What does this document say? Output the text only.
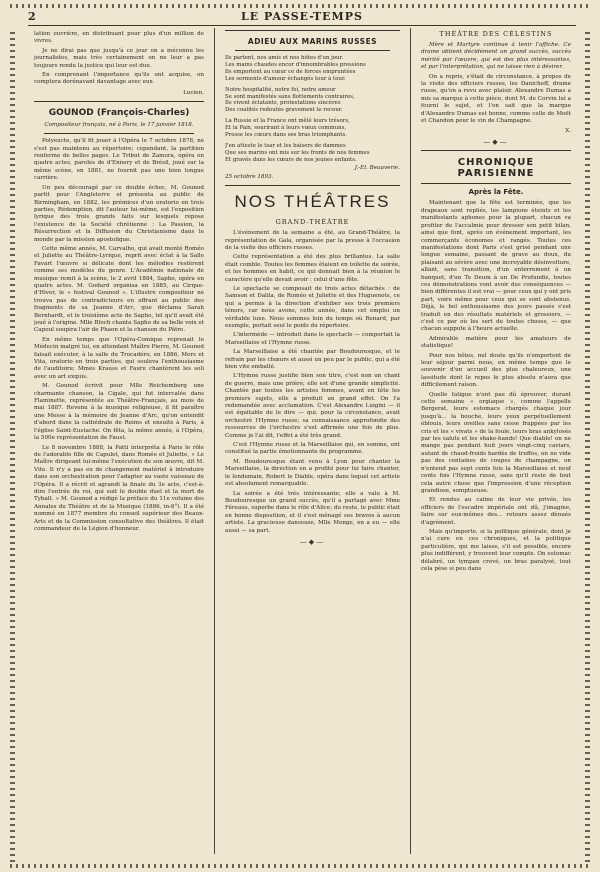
2	LE PASSE-TEMPS

lation ouvrière, en distribuant pour plus d'un million de vivres.

Je ne dirai pas que jusqu'à ce jour on a méconnu les journalistes, mais très certainement on ne leur a pas toujours rendu la justice qui leur est due.

En comprenant l'importance qu'ils ont acquise, on comptera dorénavant davantage avec eux.

Lucien.
GOUNOD (François-Charles)

Compositeur français, né à Paris, le 17 janvier 1818.

Polyeucte, qu'il fit jouer à l'Opéra le 7 octobre 1878, ne s'est pas maintenu au répertoire; cependant, la partition renferme de belles pages. Le Tribut de Zamora, opéra en quatre actes, paroles de d'Ennery et de Brésil, joué sur la même scène, en 1881, ne fournit pas une bien longue carrière.

Un peu découragé par ce double échec, M. Gounod partit pour l'Angleterre et présenta au public de Birmingham, en 1882, les prémices d'un oratorio en trois parties, Rédemption, dit l'auteur lui-même, est l'exposition lyrique des trois grands faits sur lesquels repose l'existence de la Société chrétienne : La Passion, la Résurrection et la Diffusion du Christianisme dans le monde par la mission apostolique.

Cette même année, M. Carvalho, qui avait monté Roméo et Juliette au Théâtre-Lyrique, reprit avec éclat à la Salle Favart l'œuvre si délicate dont les mélodies restèrent comme ses modèles du genre. L'Académie nationale de musique remit à la scène, le 2 avril 1884, Sapho, opéra en quatre actes. M. Godard organisa en 1885, au Cirque-d'Hiver, le « festival Gounod ». L'illustre compositeur ne trouva pas de contradicteurs en offrant au public des fragments de sa Jeanne d'Arc, que déclama Sarah Bernhardt, et le troisième acte de Sapho, tel qu'il avait été joué à l'origine. Mlle Bloch chanta Sapho de sa belle voix et Capoul soupira l'air de Phaon et la chanson du Pâtre.

En même temps que l'Opéra-Comique reprenait le Médecin malgré lui, en attendant Maître Pierre, M. Gounod faisait exécuter, à la salle du Trocadéro, en 1886, Mors et Vita, oratorio en trois parties, qui souleva l'enthousiasme de l'auditoire; Mmes Krauss et Faure chantèrent les soli avec un art exquis.

M. Gounod écrivit pour Mlle Reichemberg une charmante chanson, la Cigale, qui fut intercalée dans Flaminette, représentée au Théâtre-Français, au mois de mai 1887. Revenu à la musique religieuse, il fit paraître une Messe à la mémoire de Jeanne d'Arc, qu'on entendit d'abord dans la cathédrale de Reims et ensuite à Paris, à l'église Saint-Eustache. On fêta, la même année, à l'Opéra, la 500e représentation de Faust.

Le 8 novembre 1888, la Patti interpréta à Paris le rôle de l'adorable fille de Capulet, dans Roméo et Juliette, « Le Maître dirigeant lui-même l'exécution de son œuvre, dit M. Vite. Il n'y a pas eu de changement matériel à introduire dans son orchestration pour l'adapter au vaste vaisseau de l'Opéra. Il a récrit et agrandi la finale du 3e acte, c'est-à-dire l'entrée du roi, qui suit le double duel et la mort de Tybalt. » M. Gounod a rédigé la préface du 11e volume des Annales du Théâtre et de la Musique (1886, in-8°). Il a été nommé en 1877 membre du conseil supérieur des Beaux-Arts et de la Commission consultative des théâtres. Il était commandeur de la Légion d'honneur.

ADIEU AUX MARINS RUSSES

Ils partent, nos amis et nos hôtes d'un jour.

Les mains chaudes encor d'innombrables pressions

Ils emportent au cœur ce de forces empruntées

Les serments d'amour échangés tour à tour.

Notre hospitalité, notre foi, notre amour

Se sont manifestés sans flottements contraires,

Ils vivent éclatants, protestations sincères

Des coalités redoutés gravement le recour.

La Russie et la France ont mêlé leurs trésors,

Et la Paix, sourirant à leurs vœux communs,

Presse les cœurs dans ses bras triomphants.

J'en atteste le tsar et les baisers de dammes

Que ses marins ont mis sur les fronts de nos femmes

Et gravés dans les cœurs de nos jeunes enfants.

J.-El. Beauverie.

25 octobre 1893.

NOS THÉÂTRES
GRAND-THÉÂTRE

L'événement de la semaine a été, au Grand-Théâtre, la représentation de Gala, organisée par la presse à l'occasion de la visite des officiers russes.

Cette représentation a été des plus brillantes. La salle était comble. Toutes les femmes étaient en toilette de soirée, et les hommes en habit, ce qui donnait bien à la réunion le caractère qu'elle devait avoir : celui d'une fête.

Le spectacle se composait de trois actes détachés : de Samson et Dalila, de Roméo et Juliette et des Huguenots, ce qui a permis à la direction d'exhiber ses trois premiers ténors, car nous avons, cette année, dans cet emploi un véritable luxe. Nous sommes loin du temps où Renard, par exemple, portait seul le poids du répertoire.

L'intermède — introduit dans le spectacle — comportait la Marseillaise et l'Hymne russe.

La Marseillaise a été chantée par Boudouresque, et le refrain par les chœurs et aussi un peu par le public, qui a été bien vite emballé.

L'Hymne russe justifie bien son titre, c'est non un chant de guerre, mais une prière; elle est d'une grande simplicité. Chantée par toutes les artistes femmes, avant en tête les premiers sujets, elle a produit un grand effet. On l'a redemandée avec acclamation. C'est Alexandre Luigini — il est équitable de le dire — qui, pour la circonstance, avait orchestré l'Hymne russe; sa connaissance approfondie des ressources de l'orchestre s'est affirmée une fois de plus. Comme je l'ai dit, l'effet a été très grand.

C'est l'Hymne russe et la Marseillaise qui, en somme, ont constitué la partie émotionnante du programme.

M. Boudouresque étant venu à Lyon pour chanter la Marseillaise, la direction en a profité pour lui faire chanter, le lendemain, Robert le Diable, opéra dans lequel cet artiste est absolument remarquable.

La soirée a été très intéressante; elle a valu à M. Boudouresque un grand succès, qu'il a partagé avec Mme Féreaus, superbe dans le rôle d'Alice; du reste, le public était en bonne disposition, et il s'est ménagé ses bravos à aucun artiste. La gracieuse danseuse, Mlle Monge, en a eu — elle aussi — sa part.

—◆—
THÉÂTRE DES CÉLESTINS

Mère et Martyre continue à tenir l'affiche. Ce drame obtient décidément un grand succès, succès mérité par l'œuvre, qui est des plus intéressantes, et par l'interprétation, qui ne laisse rien à désirer.

On a repris, s'était de circonstance, à propos de la visite des officiers russes, les Danicheff, drame russe, qu'on a revu avec plaisir. Alexandre Dumas a mis sa marque à cette pièce, dont M. de Corvin lui a fourni le sujet, et l'on sait que la marque d'Alexandre Dumas est bonne, comme celle de Moët et Chandon pour le vin de Champagne.

X.
—◆—
CHRONIQUE PARISIENNE
Après la Fête.

Maintenant que la fête est terminée, que les drapeaux sont repliés, les lampions éteints et les manifestants aphones pour la plupart, chacun va profiter de l'accalmie pour dresser son petit bilan, ainsi que font, après un événement important, les commerçants économes et rangés. Toutes ces manifestations dont Paris s'est grisé pendant une longue semaine, passant de grave au doux, du plaisant au sévère avec une incroyable désinvolture, allant, sans transition, d'un enterrement à un banquet, d'un Te Deum à un De Profundis, toutes ces démonstrations vont avoir des conséquences — bien différentes il est vrai — pour ceux qui y ont pris part, voire même pour ceux qui se sont abstenus. Déjà, le bel enthousiasme des jours passés s'est traduit en des résultats matériels et grossiers, — c'est ce par où les sert de toutes choses, — que chacun suppute à l'heure actuelle.

Admirable matière pour les amateurs de statistique!

Pour nos hôtes, nul doute qu'ils n'emportent de leur séjour parmi nous, en même temps que le souvenir d'un accueil des plus chaleureux, une lassitude dont le repos le plus absolu n'aura que difficilement raison.

Quelle fatigue n'ont pas dû éprouver, durant cette semaine « orgiaque », comme l'appelle Bergerat, leurs estomacs chargés chaque jour jusqu'à... la bouche, leurs yeux perpétuellement éblouis, leurs oreilles sans cesse frappées par les cris et les « vivats » de la foule, leurs bras ankylosés par les saluts et les shake-hands! Que diable! on ne mange pas pendant huit jours vingt-cinq caviars, autant de chaud-froids bardés de truffes, on ne vide pas des centaines de coupes de champagne, on n'entend pas sept cents fois la Marseillaise et neuf cents fois l'Hymne russe, sans qu'il reste de tout cela autre chose que l'impression d'une réception grandiose, somptueuse.

Et rendus au calme de leur vie privée, les officiers de l'escadre impériale ont dû, j'imagine, faire sur eux-mêmes des... retours assez dénués d'agrément.

Mais qu'importe, si la politique générale, dont je n'ai cure en ces chroniques, et la politique particulière, qui me laisse, s'il est possible, encore plus indifférent, y trouvent leur compte. On estomac délabré, un tympan crevé, un bras paralysé, tout cela pèse si peu dans
